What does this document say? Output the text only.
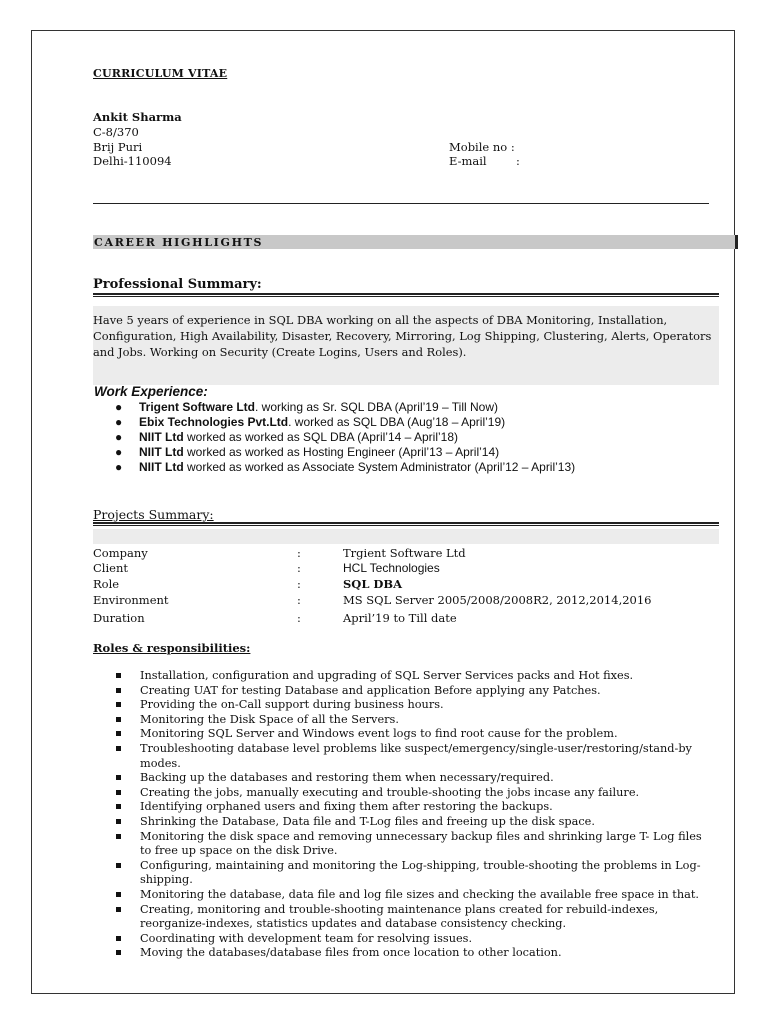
CURRICULUM VITAE
Ankit Sharma
C-8/370
Brij Puri
Delhi-110094
Mobile no :
E-mail	:
CAREER HIGHLIGHTS
Professional Summary:
Have 5 years of experience in SQL DBA working on all the aspects of DBA Monitoring, Installation, Configuration, High Availability, Disaster, Recovery, Mirroring, Log Shipping, Clustering, Alerts, Operators and Jobs. Working on Security (Create Logins, Users and Roles).
Work Experience:
● Trigent Software Ltd. working as Sr. SQL DBA (April’19 – Till Now)
● Ebix Technologies Pvt.Ltd. worked as SQL DBA (Aug’18 – April’19)
● NIIT Ltd worked as worked as SQL DBA (April’14 – April’18)
● NIIT Ltd worked as worked as Hosting Engineer (April’13 – April’14)
● NIIT Ltd worked as worked as Associate System Administrator (April’12 – April’13)
Projects Summary:
Company	:	Trgient Software Ltd
Client	:	HCL Technologies
Role	:	SQL DBA
Environment	:	MS SQL Server 2005/2008/2008R2, 2012,2014,2016
Duration	:	April’19 to Till date
Roles & responsibilities:
Installation, configuration and upgrading of SQL Server Services packs and Hot fixes.
Creating UAT for testing Database and application Before applying any Patches.
Providing the on-Call support during business hours.
Monitoring the Disk Space of all the Servers.
Monitoring SQL Server and Windows event logs to find root cause for the problem.
Troubleshooting database level problems like suspect/emergency/single-user/restoring/stand-by modes.
Backing up the databases and restoring them when necessary/required.
Creating the jobs, manually executing and trouble-shooting the jobs incase any failure.
Identifying orphaned users and fixing them after restoring the backups.
Shrinking the Database, Data file and T-Log files and freeing up the disk space.
Monitoring the disk space and removing unnecessary backup files and shrinking large T- Log files to free up space on the disk Drive.
Configuring, maintaining and monitoring the Log-shipping, trouble-shooting the problems in Log-shipping.
Monitoring the database, data file and log file sizes and checking the available free space in that.
Creating, monitoring and trouble-shooting maintenance plans created for rebuild-indexes, reorganize-indexes, statistics updates and database consistency checking.
Coordinating with development team for resolving issues.
Moving the databases/database files from once location to other location.
